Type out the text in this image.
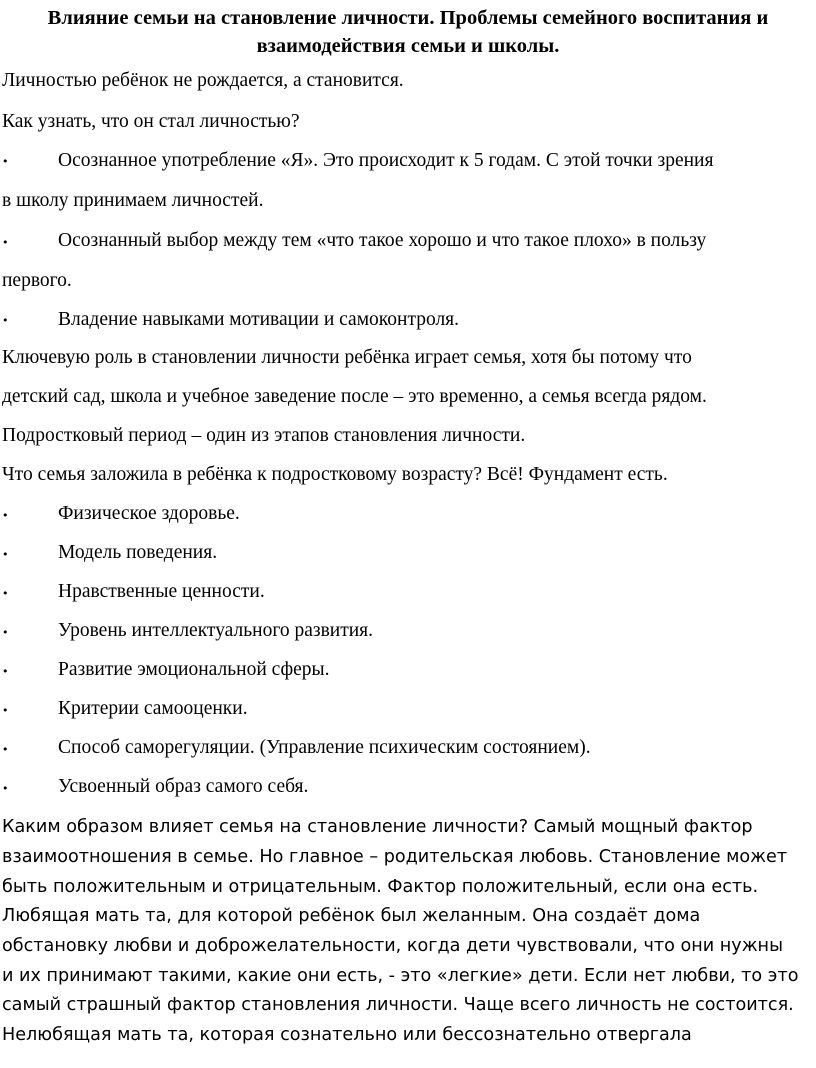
Влияние семьи на становление личности. Проблемы семейного воспитания и
взаимодействия семьи и школы.
Личностью ребёнок не рождается, а становится.
Как узнать, что он стал личностью?
•	Осознанное употребление «Я». Это происходит к 5 годам. С этой точки зрения
в школу принимаем личностей.
•	Осознанный выбор между тем «что такое хорошо и что такое плохо» в пользу
первого.
•	Владение навыками мотивации и самоконтроля.
Ключевую роль в становлении личности ребёнка играет семья, хотя бы потому что
детский сад, школа и учебное заведение после – это временно, а семья всегда рядом.
Подростковый период – один из этапов становления личности.
Что семья заложила в ребёнка к подростковому возрасту? Всё! Фундамент есть.
•	Физическое здоровье.
•	Модель поведения.
•	Нравственные ценности.
•	Уровень интеллектуального развития.
•	Развитие эмоциональной сферы.
•	Критерии самооценки.
•	Способ саморегуляции. (Управление психическим состоянием).
•	Усвоенный образ самого себя.
Каким образом влияет семья на становление личности? Самый мощный фактор
взаимоотношения в семье. Но главное – родительская любовь. Становление может
быть положительным и отрицательным. Фактор положительный, если она есть.
Любящая мать та, для которой ребёнок был желанным. Она создаёт дома
обстановку любви и доброжелательности, когда дети чувствовали, что они нужны
и их принимают такими, какие они есть, - это «легкие» дети. Если нет любви, то это
самый страшный фактор становления личности. Чаще всего личность не состоится.
Нелюбящая мать та, которая сознательно или бессознательно отвергала
